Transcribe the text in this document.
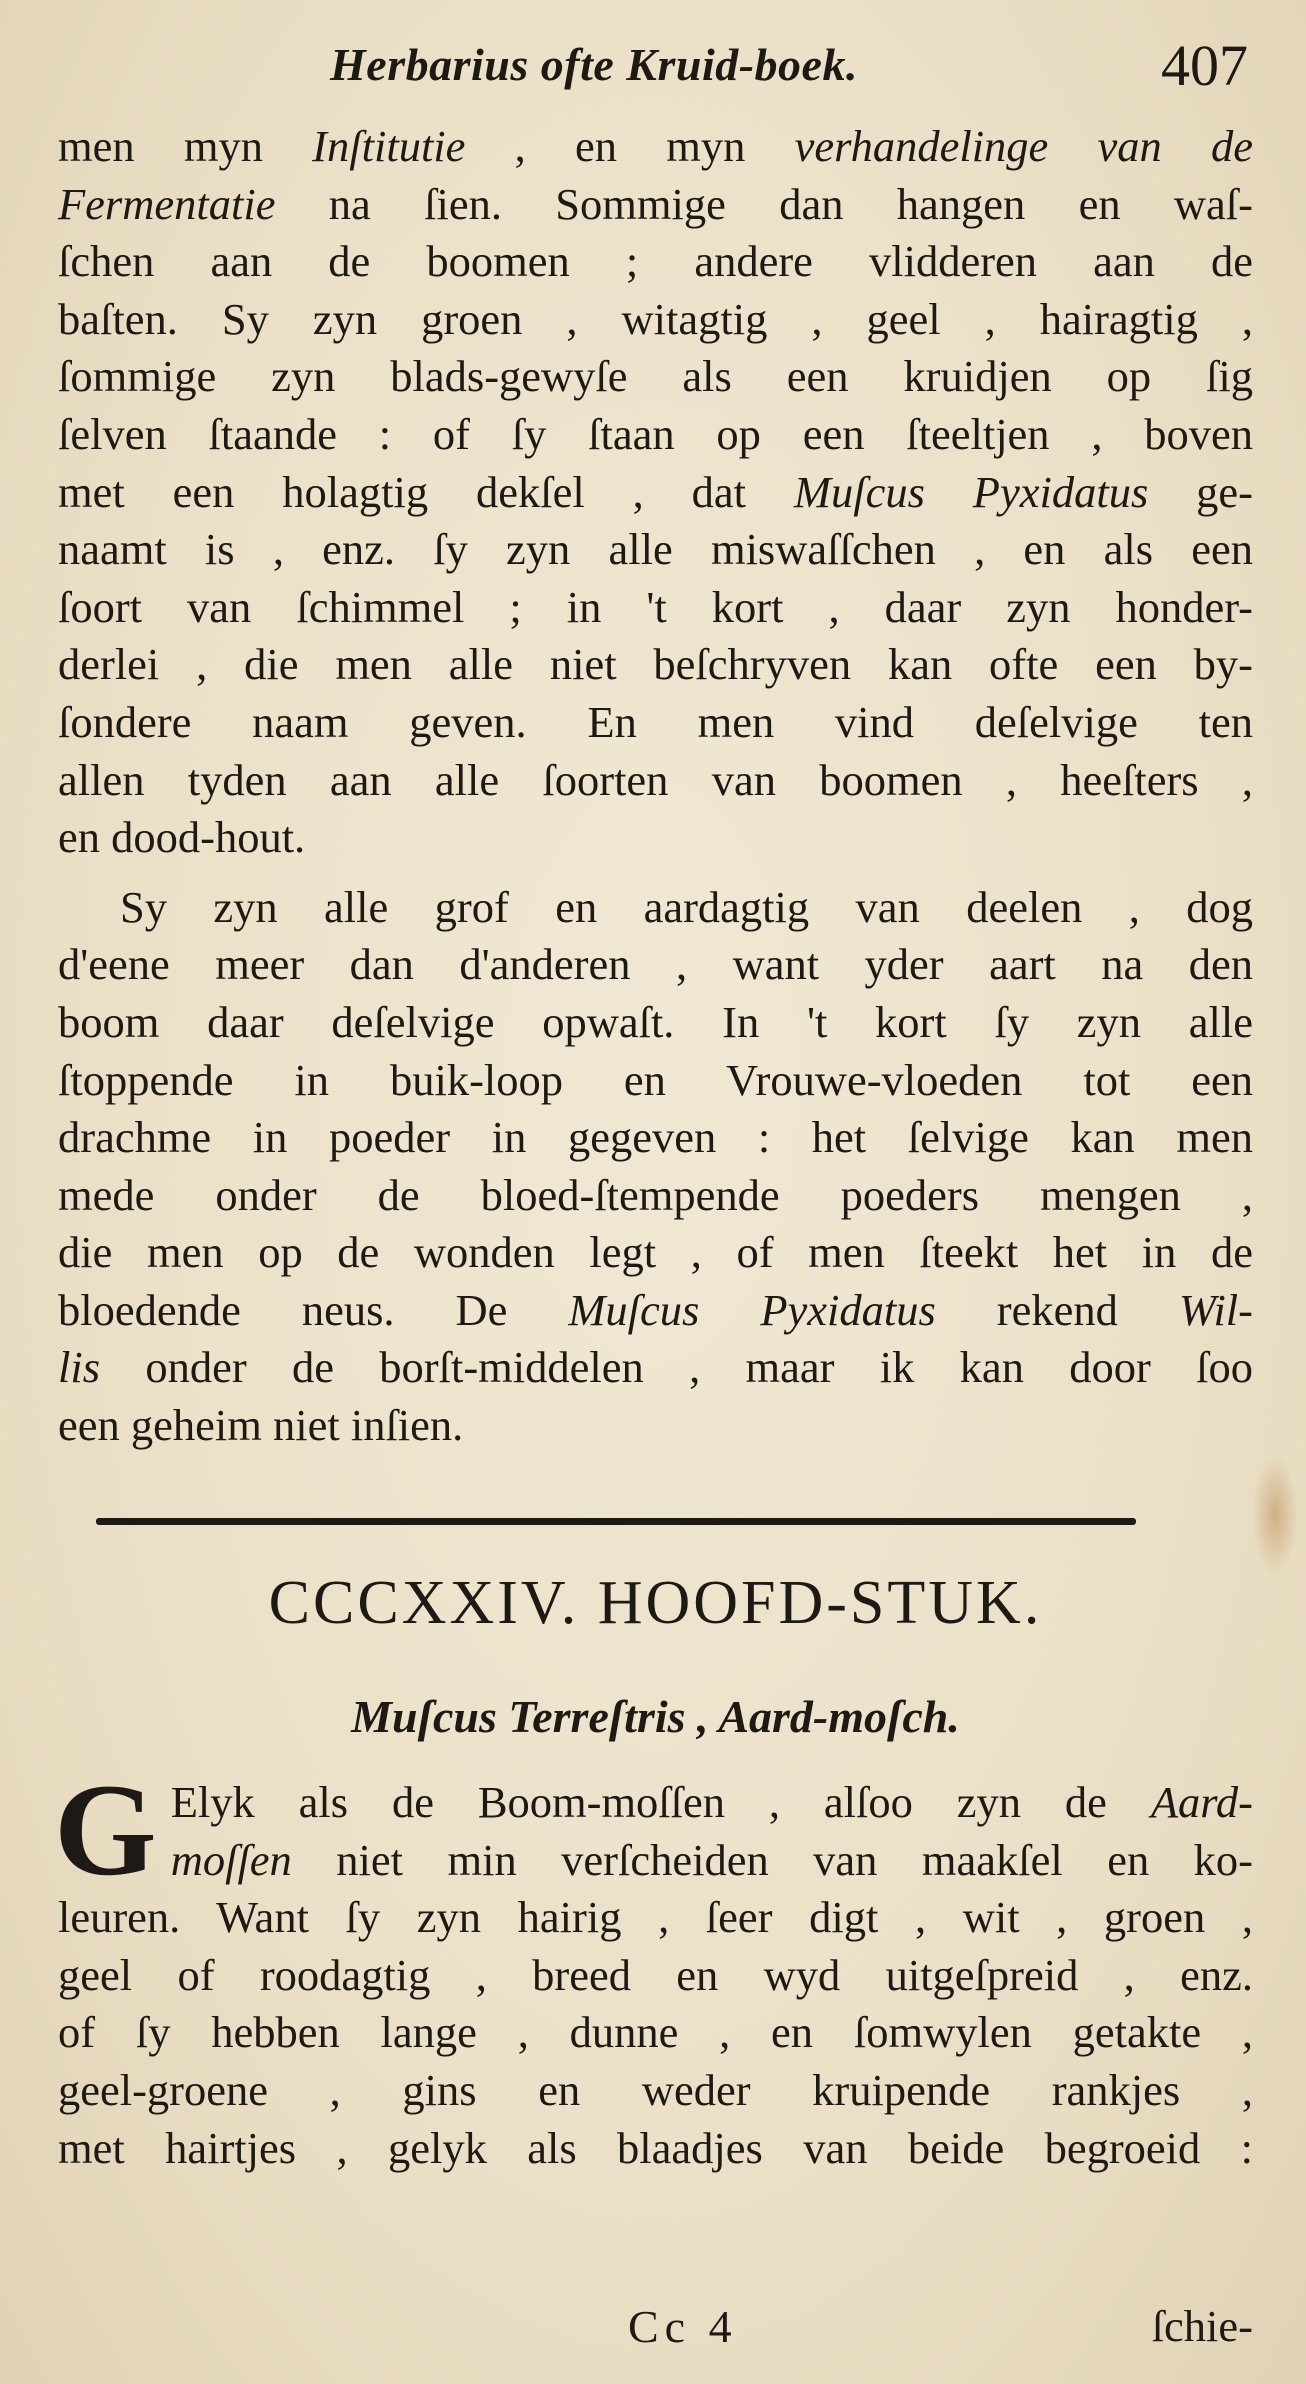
Herbarius ofte Kruid-boek.	407
men myn Inſtitutie , en myn verhandelinge van de
Fermentatie na ſien. Sommige dan hangen en waſ-
ſchen aan de boomen ; andere vlidderen aan de
baſten. Sy zyn groen , witagtig , geel , hairagtig ,
ſommige zyn blads-gewyſe als een kruidjen op ſig
ſelven ſtaande : of ſy ſtaan op een ſteeltjen , boven
met een holagtig dekſel , dat Muſcus Pyxidatus ge-
naamt is , enz. ſy zyn alle miswaſſchen , en als een
ſoort van ſchimmel ; in 't kort , daar zyn honder-
derlei , die men alle niet beſchryven kan ofte een by-
ſondere naam geven. En men vind deſelvige ten
allen tyden aan alle ſoorten van boomen , heeſters ,
en dood-hout.
Sy zyn alle grof en aardagtig van deelen , dog
d'eene meer dan d'anderen , want yder aart na den
boom daar deſelvige opwaſt. In 't kort ſy zyn alle
ſtoppende in buik-loop en Vrouwe-vloeden tot een
drachme in poeder in gegeven : het ſelvige kan men
mede onder de bloed-ſtempende poeders mengen ,
die men op de wonden legt , of men ſteekt het in de
bloedende neus. De Muſcus Pyxidatus rekend Wil-
lis onder de borſt-middelen , maar ik kan door ſoo
een geheim niet inſien.
CCCXXIV. HOOFD-STUK.
Muſcus Terreſtris , Aard-moſch.
G Elyk als de Boom-moſſen , alſoo zyn de Aard-
moſſen niet min verſcheiden van maakſel en ko-
leuren. Want ſy zyn hairig , ſeer digt , wit , groen ,
geel of roodagtig , breed en wyd uitgeſpreid , enz.
of ſy hebben lange , dunne , en ſomwylen getakte ,
geel-groene , gins en weder kruipende rankjes ,
met hairtjes , gelyk als blaadjes van beide begroeid :
Cc 4	ſchie-
